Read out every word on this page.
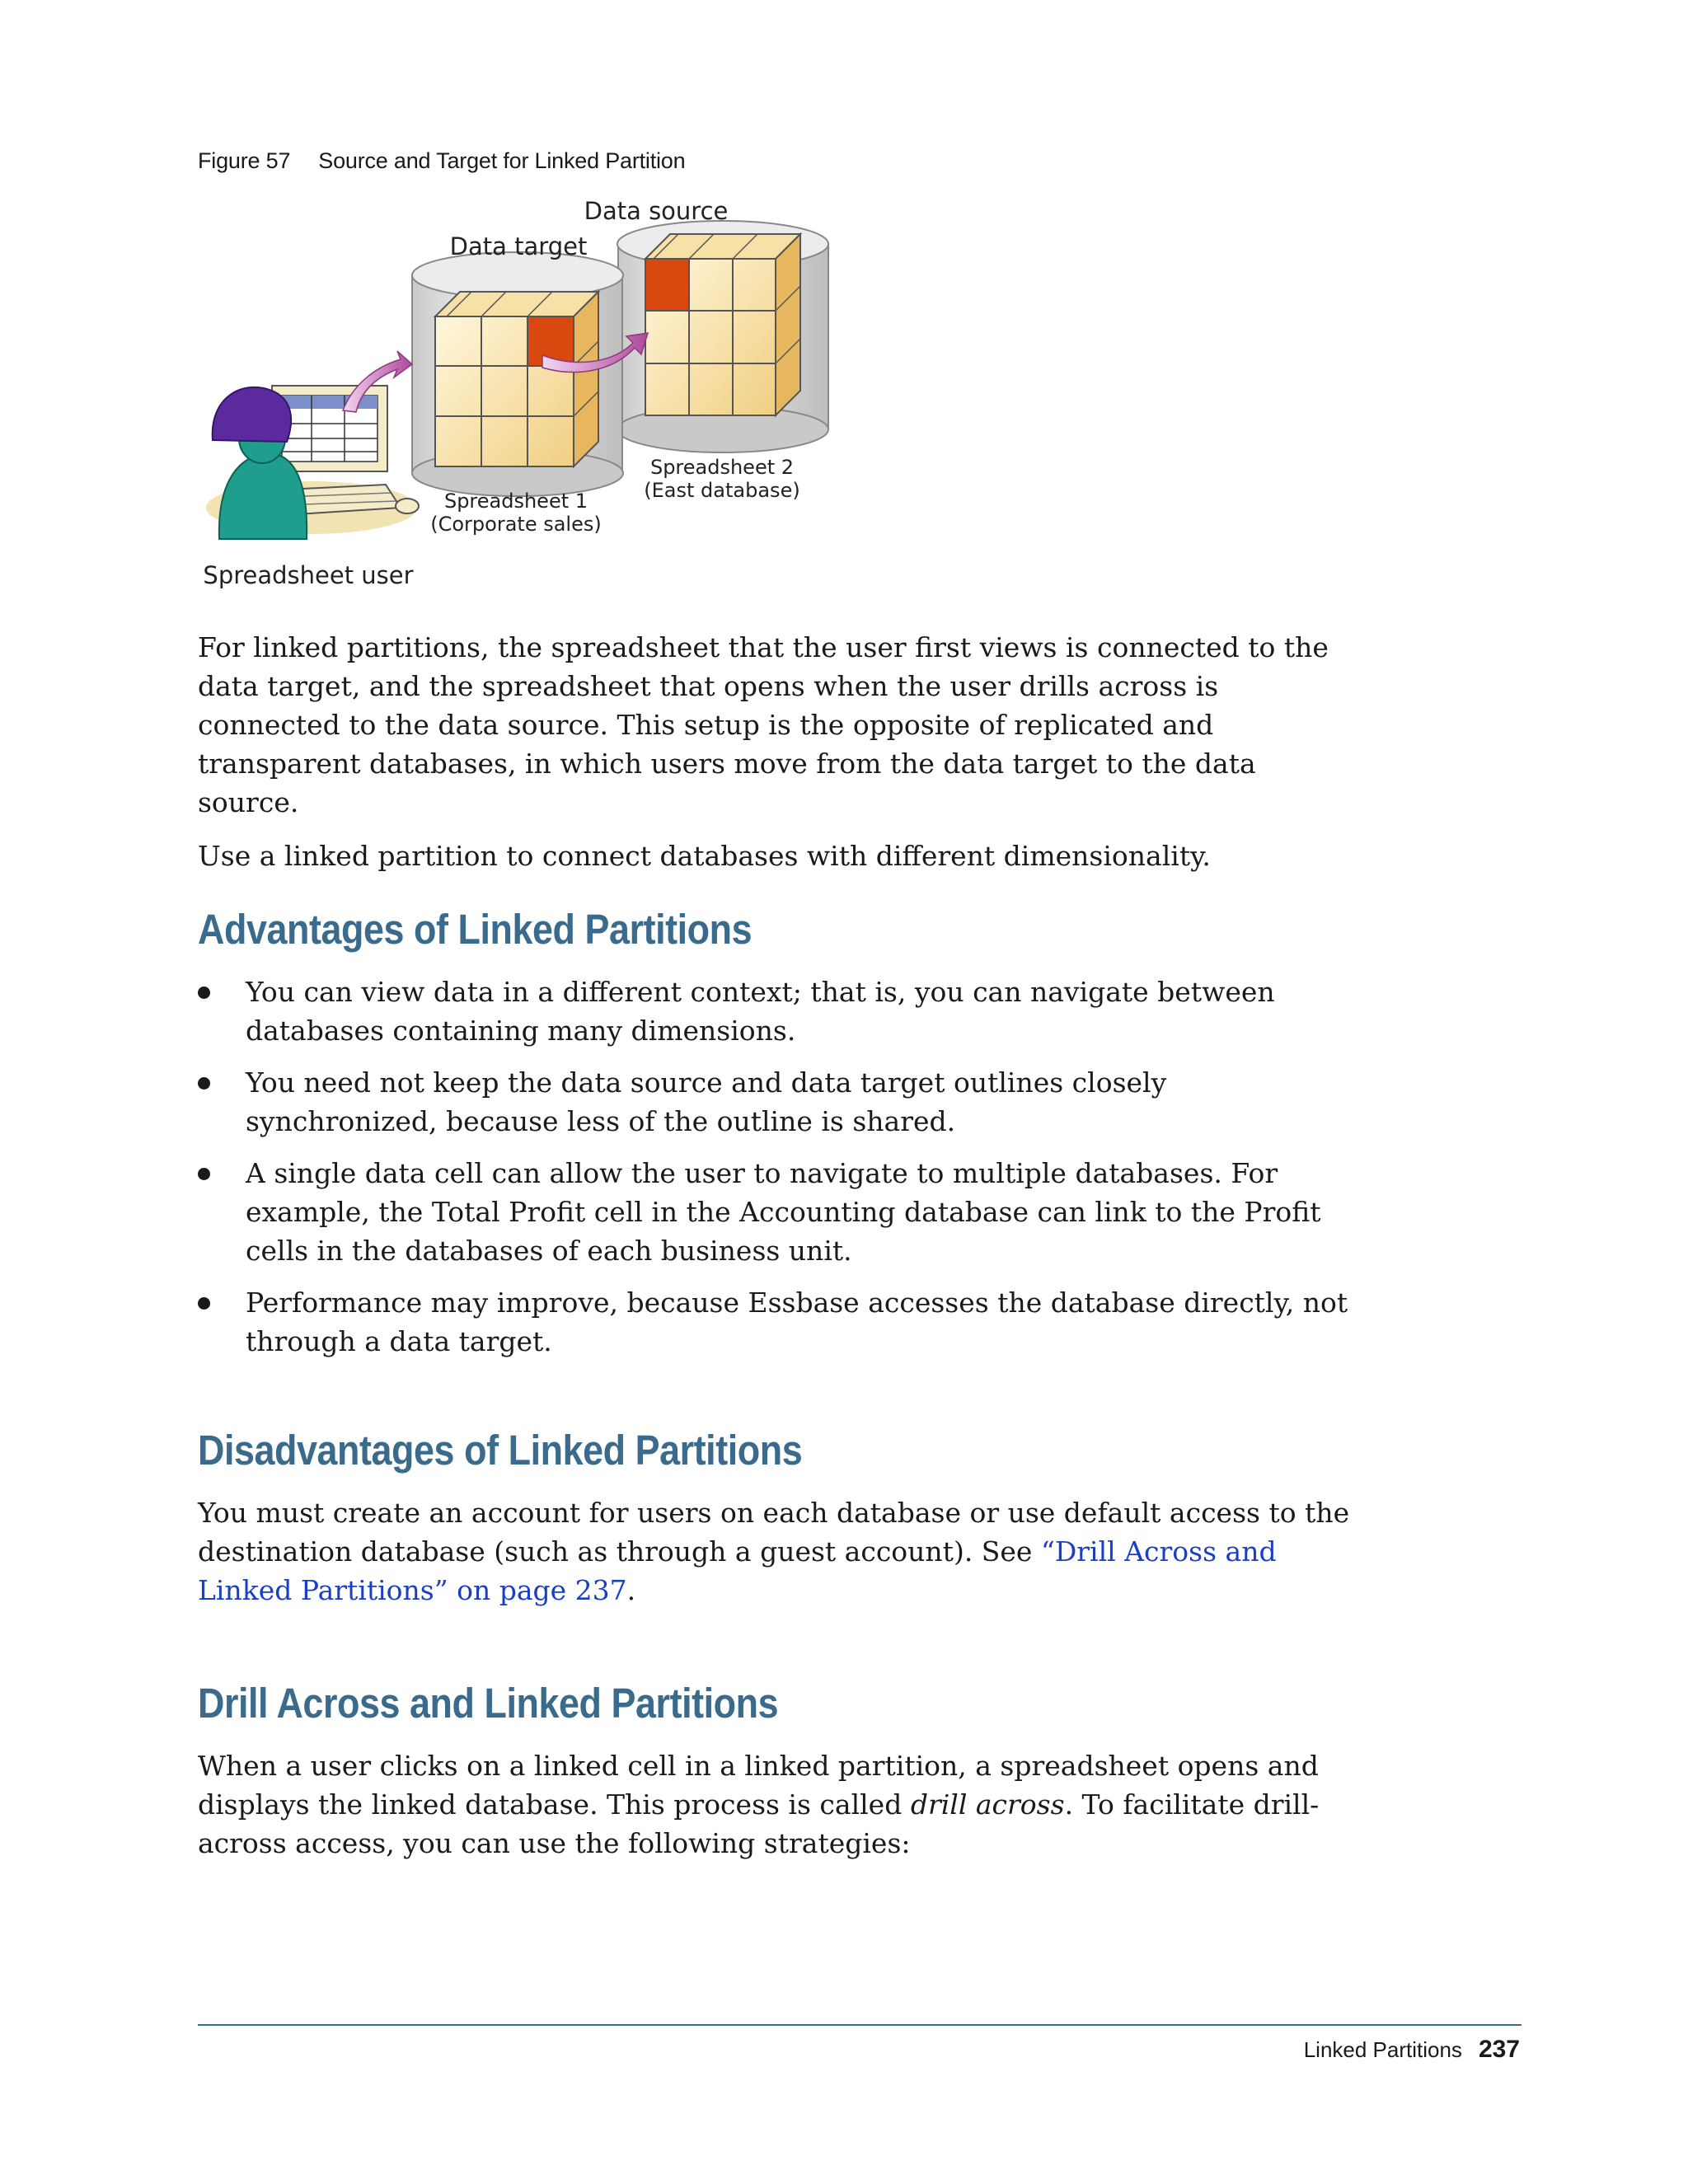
Figure 57 Source and Target for Linked Partition
Data source
Data target
Spreadsheet 2
(East database)
Spreadsheet 1
(Corporate sales)
Spreadsheet user

For linked partitions, the spreadsheet that the user first views is connected to the data target, and the spreadsheet that opens when the user drills across is connected to the data source. This setup is the opposite of replicated and transparent databases, in which users move from the data target to the data source.

Use a linked partition to connect databases with different dimensionality.

Advantages of Linked Partitions
You can view data in a different context; that is, you can navigate between databases containing many dimensions.
You need not keep the data source and data target outlines closely synchronized, because less of the outline is shared.
A single data cell can allow the user to navigate to multiple databases. For example, the Total Profit cell in the Accounting database can link to the Profit cells in the databases of each business unit.
Performance may improve, because Essbase accesses the database directly, not through a data target.
Disadvantages of Linked Partitions

You must create an account for users on each database or use default access to the destination database (such as through a guest account). See “Drill Across and Linked Partitions” on page 237.

Drill Across and Linked Partitions

When a user clicks on a linked cell in a linked partition, a spreadsheet opens and displays the linked database. This process is called drill across. To facilitate drill-across access, you can use the following strategies:

Linked Partitions 237
